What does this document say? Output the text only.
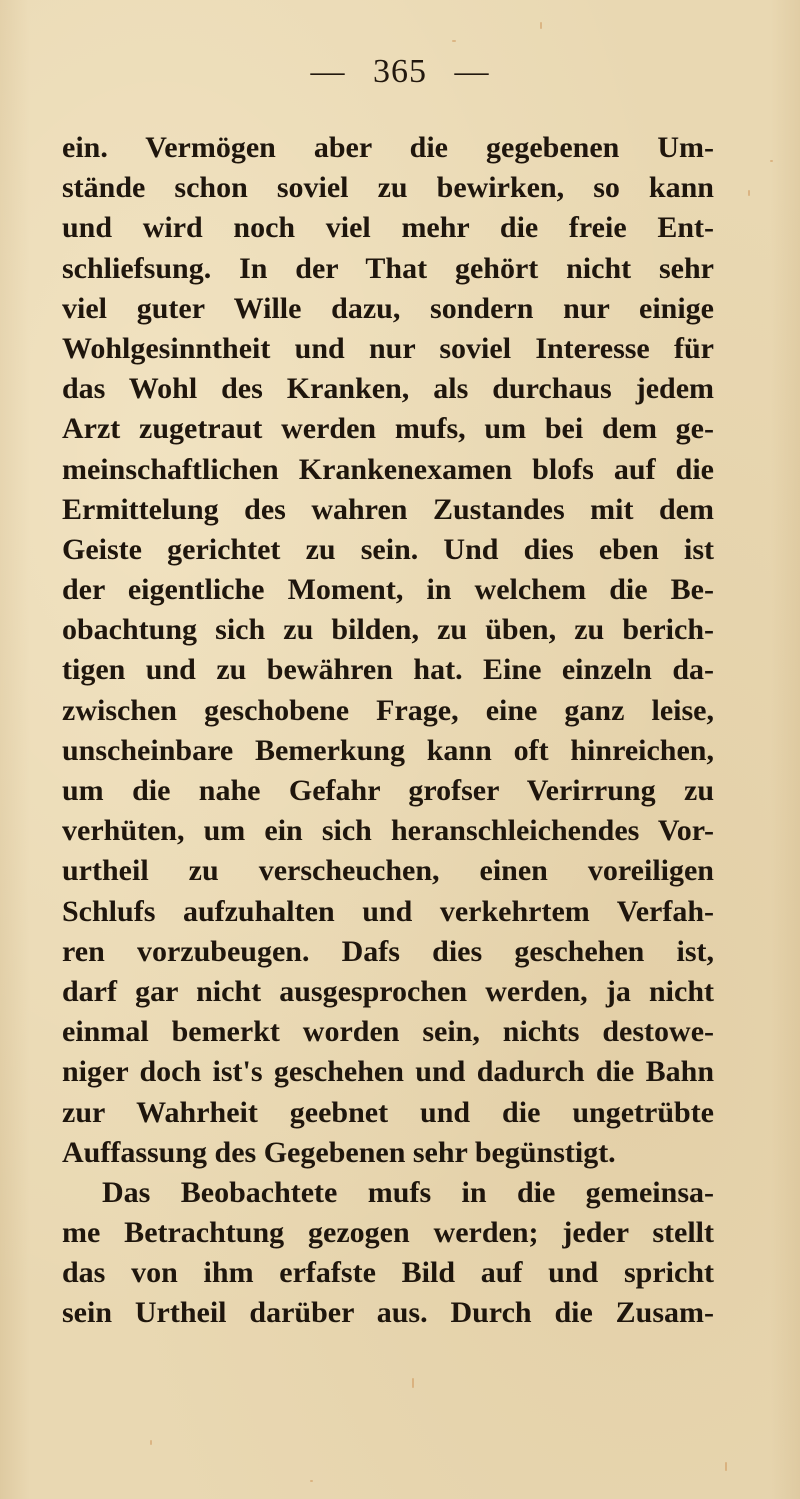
— 365 —
ein. Vermögen aber die gegebenen Um-
stände schon soviel zu bewirken, so kann
und wird noch viel mehr die freie Ent-
schliefsung. In der That gehört nicht sehr
viel guter Wille dazu, sondern nur einige
Wohlgesinntheit und nur soviel Interesse für
das Wohl des Kranken, als durchaus jedem
Arzt zugetraut werden mufs, um bei dem ge-
meinschaftlichen Krankenexamen blofs auf die
Ermittelung des wahren Zustandes mit dem
Geiste gerichtet zu sein. Und dies eben ist
der eigentliche Moment, in welchem die Be-
obachtung sich zu bilden, zu üben, zu berich-
tigen und zu bewähren hat. Eine einzeln da-
zwischen geschobene Frage, eine ganz leise,
unscheinbare Bemerkung kann oft hinreichen,
um die nahe Gefahr grofser Verirrung zu
verhüten, um ein sich heranschleichendes Vor-
urtheil zu verscheuchen, einen voreiligen
Schlufs aufzuhalten und verkehrtem Verfah-
ren vorzubeugen. Dafs dies geschehen ist,
darf gar nicht ausgesprochen werden, ja nicht
einmal bemerkt worden sein, nichts destowe-
niger doch ist's geschehen und dadurch die Bahn
zur Wahrheit geebnet und die ungetrübte
Auffassung des Gegebenen sehr begünstigt.
Das Beobachtete mufs in die gemeinsa-
me Betrachtung gezogen werden; jeder stellt
das von ihm erfafste Bild auf und spricht
sein Urtheil darüber aus. Durch die Zusam-
